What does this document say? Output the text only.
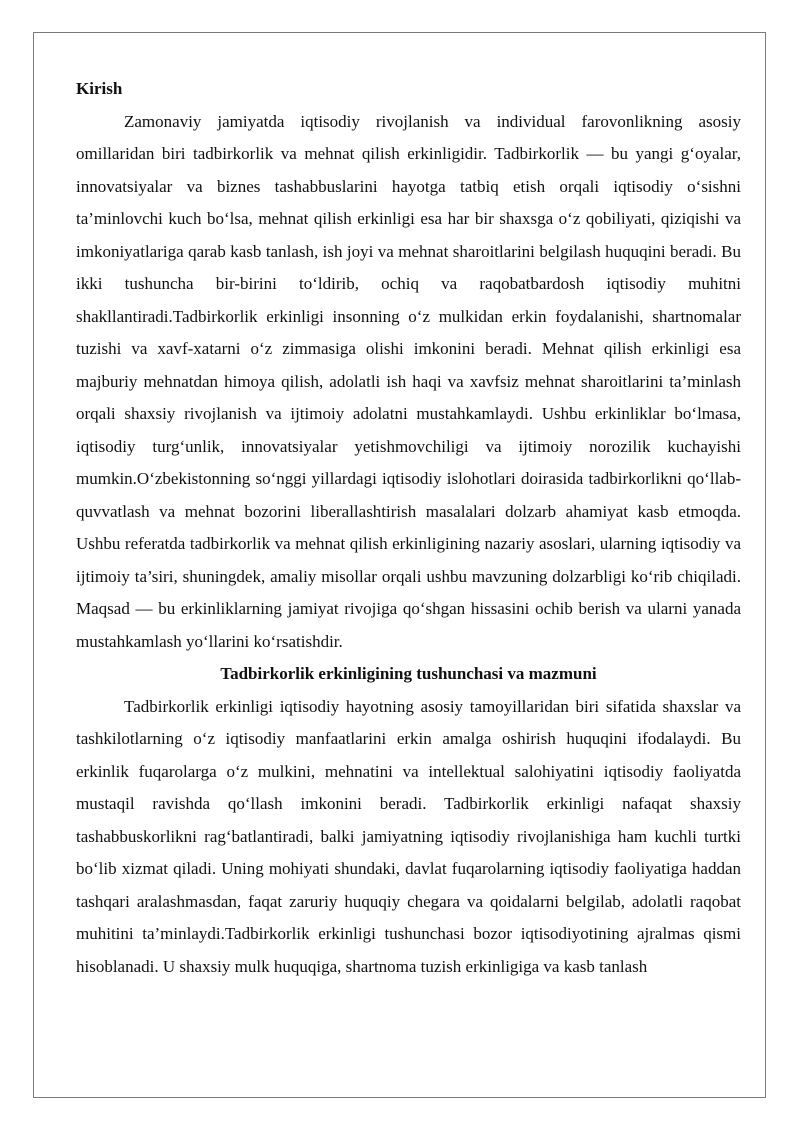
Kirish

Zamonaviy jamiyatda iqtisodiy rivojlanish va individual farovonlikning asosiy omillaridan biri tadbirkorlik va mehnat qilish erkinligidir. Tadbirkorlik — bu yangi g‘oyalar, innovatsiyalar va biznes tashabbuslarini hayotga tatbiq etish orqali iqtisodiy o‘sishni ta’minlovchi kuch bo‘lsa, mehnat qilish erkinligi esa har bir shaxsga o‘z qobiliyati, qiziqishi va imkoniyatlariga qarab kasb tanlash, ish joyi va mehnat sharoitlarini belgilash huquqini beradi. Bu ikki tushuncha bir-birini to‘ldirib, ochiq va raqobatbardosh iqtisodiy muhitni shakllantiradi.Tadbirkorlik erkinligi insonning o‘z mulkidan erkin foydalanishi, shartnomalar tuzishi va xavf-xatarni o‘z zimmasiga olishi imkonini beradi. Mehnat qilish erkinligi esa majburiy mehnatdan himoya qilish, adolatli ish haqi va xavfsiz mehnat sharoitlarini ta’minlash orqali shaxsiy rivojlanish va ijtimoiy adolatni mustahkamlaydi. Ushbu erkinliklar bo‘lmasa, iqtisodiy turg‘unlik, innovatsiyalar yetishmovchiligi va ijtimoiy norozilik kuchayishi mumkin.O‘zbekistonning so‘nggi yillardagi iqtisodiy islohotlari doirasida tadbirkorlikni qo‘llab-quvvatlash va mehnat bozorini liberallashtirish masalalari dolzarb ahamiyat kasb etmoqda. Ushbu referatda tadbirkorlik va mehnat qilish erkinligining nazariy asoslari, ularning iqtisodiy va ijtimoiy ta’siri, shuningdek, amaliy misollar orqali ushbu mavzuning dolzarbligi ko‘rib chiqiladi. Maqsad — bu erkinliklarning jamiyat rivojiga qo‘shgan hissasini ochib berish va ularni yanada mustahkamlash yo‘llarini ko‘rsatishdir.

Tadbirkorlik erkinligining tushunchasi va mazmuni

Tadbirkorlik erkinligi iqtisodiy hayotning asosiy tamoyillaridan biri sifatida shaxslar va tashkilotlarning o‘z iqtisodiy manfaatlarini erkin amalga oshirish huquqini ifodalaydi. Bu erkinlik fuqarolarga o‘z mulkini, mehnatini va intellektual salohiyatini iqtisodiy faoliyatda mustaqil ravishda qo‘llash imkonini beradi. Tadbirkorlik erkinligi nafaqat shaxsiy tashabbuskorlikni rag‘batlantiradi, balki jamiyatning iqtisodiy rivojlanishiga ham kuchli turtki bo‘lib xizmat qiladi. Uning mohiyati shundaki, davlat fuqarolarning iqtisodiy faoliyatiga haddan tashqari aralashmasdan, faqat zaruriy huquqiy chegara va qoidalarni belgilab, adolatli raqobat muhitini ta’minlaydi.Tadbirkorlik erkinligi tushunchasi bozor iqtisodiyotining ajralmas qismi hisoblanadi. U shaxsiy mulk huquqiga, shartnoma tuzish erkinligiga va kasb tanlash
